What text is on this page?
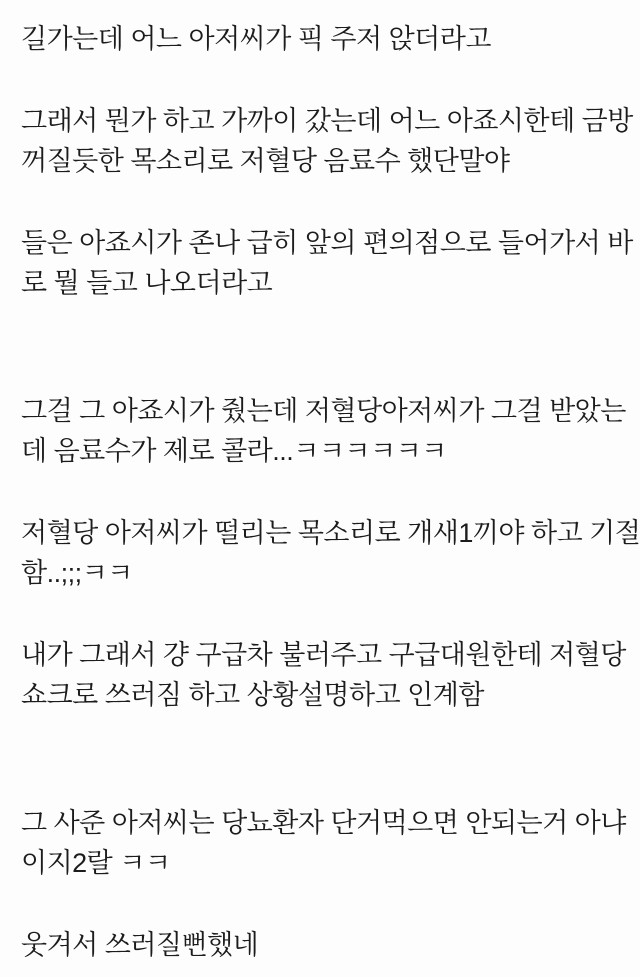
길가는데 어느 아저씨가 픽 주저 앉더라고
그래서 뭔가 하고 가까이 갔는데 어느 아죠시한테 금방
꺼질듯한 목소리로 저혈당 음료수 했단말야
들은 아죠시가 존나 급히 앞의 편의점으로 들어가서 바
로 뭘 들고 나오더라고
그걸 그 아죠시가 줬는데 저혈당아저씨가 그걸 받았는
데 음료수가 제로 콜라...ㅋㅋㅋㅋㅋㅋ
저혈당 아저씨가 떨리는 목소리로 개새1끼야 하고 기절
함..;;;ㅋㅋ
내가 그래서 걍 구급차 불러주고 구급대원한테 저혈당
쇼크로 쓰러짐 하고 상황설명하고 인계함
그 사준 아저씨는 당뇨환자 단거먹으면 안되는거 아냐
이지2랄 ㅋㅋ
웃겨서 쓰러질뻔했네
